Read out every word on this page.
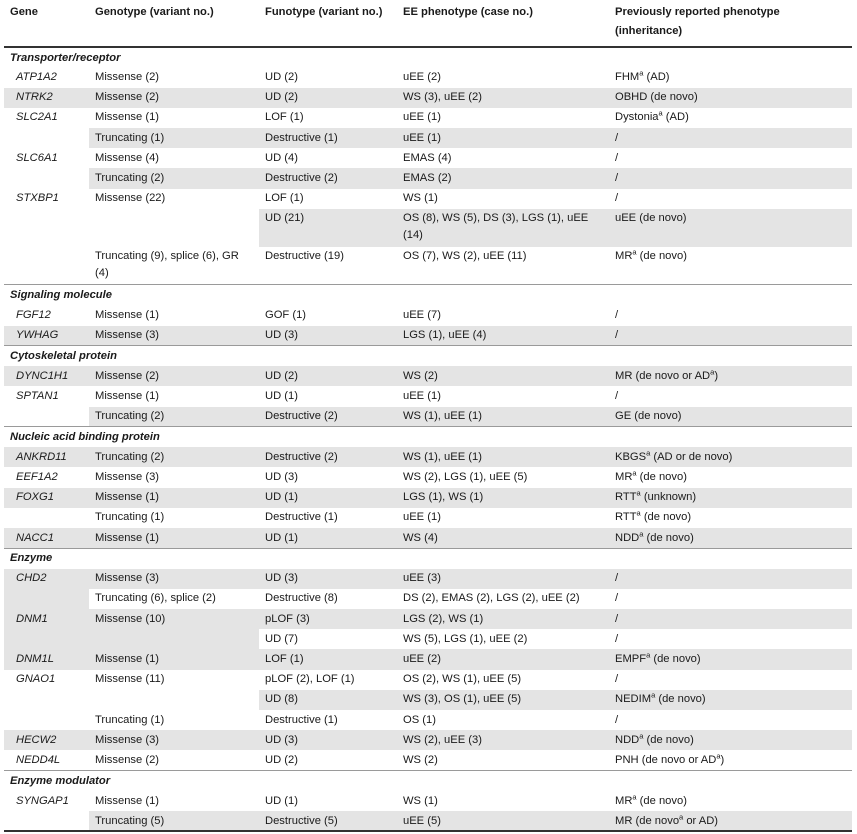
Gene	Genotype (variant no.)	Funotype (variant no.)	EE phenotype (case no.)	Previously reported phenotype (inheritance)
Transporter/receptor				
ATP1A2	Missense (2)	UD (2)	uEE (2)	FHM$^a$ (AD)
NTRK2	Missense (2)	UD (2)	WS (3), uEE (2)	OBHD (de novo)
SLC2A1	Missense (1)	LOF (1)	uEE (1)	Dystonia$^a$ (AD)
	Truncating (1)	Destructive (1)	uEE (1)	/
SLC6A1	Missense (4)	UD (4)	EMAS (4)	/
	Truncating (2)	Destructive (2)	EMAS (2)	/
STXBP1	Missense (22)	LOF (1)	WS (1)	/
		UD (21)	OS (8), WS (5), DS (3), LGS (1), uEE (14)	uEE (de novo)
	Truncating (9), splice (6), GR (4)	Destructive (19)	OS (7), WS (2), uEE (11)	$MR^a$ (de novo)
Signaling molecule				
FGF12	Missense (1)	GOF (1)	uEE (7)	/
YWHAG	Missense (3)	UD (3)	LGS (1), uEE (4)	/
Cytoskeletal protein				
DYNC1H1	Missense (2)	UD (2)	WS (2)	MR (de novo or $AD^a$)
SPTAN1	Missense (1)	UD (1)	uEE (1)	/
	Truncating (2)	Destructive (2)	WS (1), uEE (1)	GE (de novo)
Nucleic acid binding protein				
ANKRD11	Truncating (2)	Destructive (2)	WS (1), uEE (1)	KBGS$^a$ (AD or de novo)
EEF1A2	Missense (3)	UD (3)	WS (2), LGS (1), uEE (5)	$MR^a$ (de novo)
FOXG1	Missense (1)	UD (1)	LGS (1), WS (1)	RTT$^a$ (unknown)
	Truncating (1)	Destructive (1)	uEE (1)	RTT$^a$ (de novo)
NACC1	Missense (1)	UD (1)	WS (4)	NDD$^a$ (de novo)
Enzyme				
CHD2	Missense (3)	UD (3)	uEE (3)	/
	Truncating (6), splice (2)	Destructive (8)	DS (2), EMAS (2), LGS (2), uEE (2)	/
DNM1	Missense (10)	pLOF (3)	LGS (2), WS (1)	/
		UD (7)	WS (5), LGS (1), uEE (2)	/
DNM1L	Missense (1)	LOF (1)	uEE (2)	EMPF$^a$ (de novo)
GNAO1	Missense (11)	pLOF (2), LOF (1)	OS (2), WS (1), uEE (5)	/
		UD (8)	WS (3), OS (1), uEE (5)	NEDIM$^a$ (de novo)
	Truncating (1)	Destructive (1)	OS (1)	/
HECW2	Missense (3)	UD (3)	WS (2), uEE (3)	NDD$^a$ (de novo)
NEDD4L	Missense (2)	UD (2)	WS (2)	PNH (de novo or $AD^a$)
Enzyme modulator				
SYNGAP1	Missense (1)	UD (1)	WS (1)	$MR^a$ (de novo)
	Truncating (5)	Destructive (5)	uEE (5)	MR (de novo$^a$ or AD)
